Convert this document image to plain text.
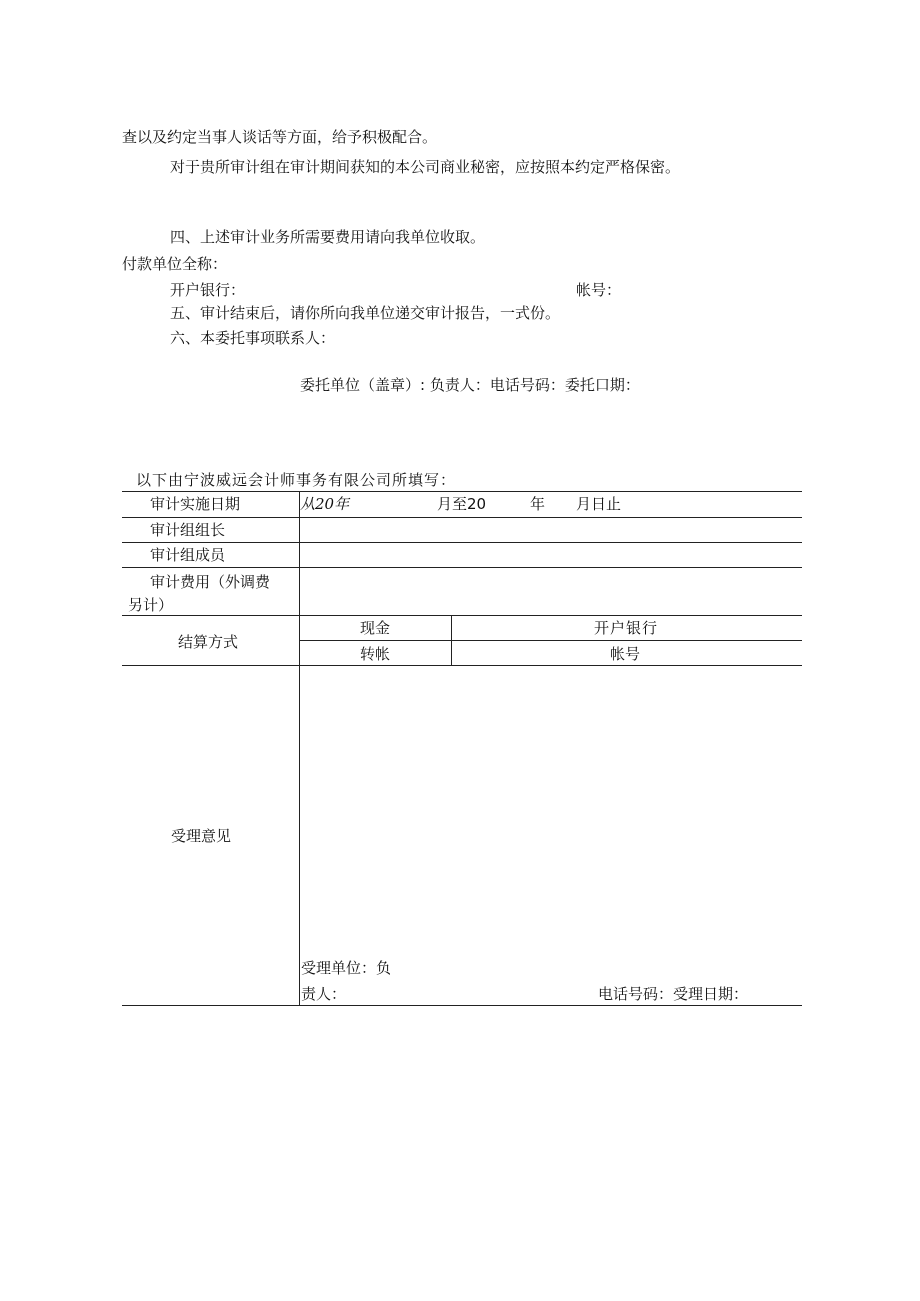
查以及约定当事人谈话等方面，给予积极配合。
对于贵所审计组在审计期间获知的本公司商业秘密，应按照本约定严格保密。
四、上述审计业务所需要费用请向我单位收取。
付款单位全称：
开户银行：	帐号：
五、审计结束后，请你所向我单位递交审计报告，一式份。
六、本委托事项联系人：
委托单位（盖章）: 负责人：电话号码：委托口期：
以下由宁波威远会计师事务有限公司所填写：
审计实施日期	从20年	月至20	年 月日止
审计组组长
审计组成员
审计费用（外调费
另计）
结算方式
现金	开户银行
转帐	帐号
受理意见
受理单位：负
责人：	电话号码：受理日期：
